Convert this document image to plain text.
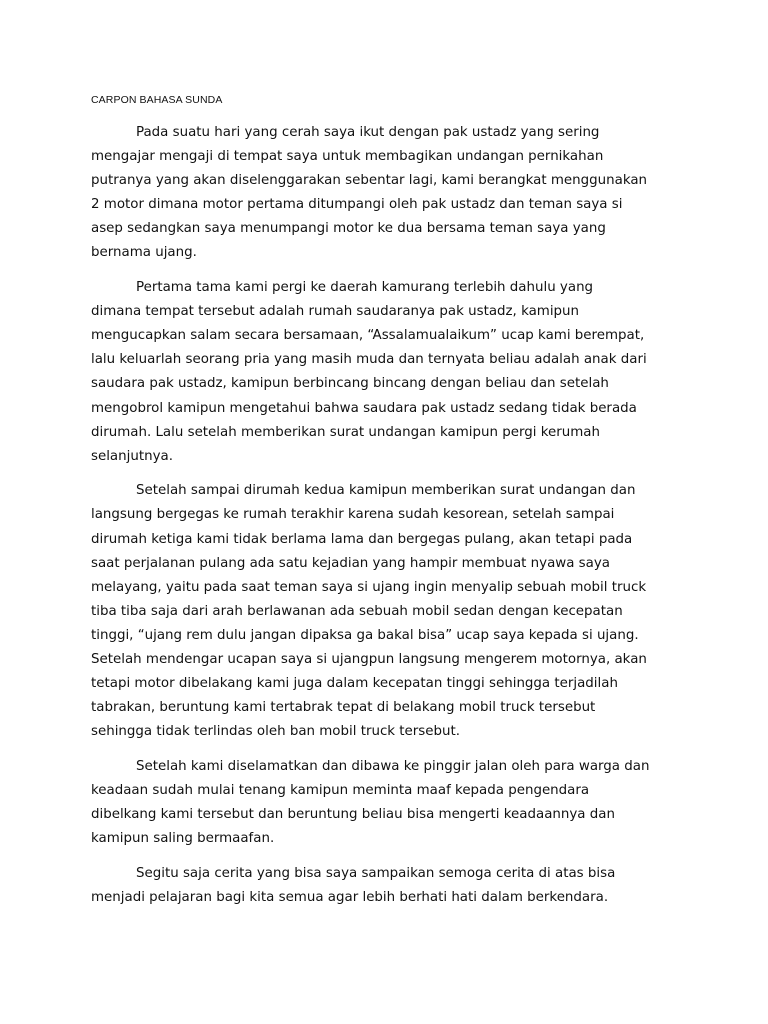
CARPON BAHASA SUNDA

Pada suatu hari yang cerah saya ikut dengan pak ustadz yang sering
mengajar mengaji di tempat saya untuk membagikan undangan pernikahan
putranya yang akan diselenggarakan sebentar lagi, kami berangkat menggunakan
2 motor dimana motor pertama ditumpangi oleh pak ustadz dan teman saya si
asep sedangkan saya menumpangi motor ke dua bersama teman saya yang
bernama ujang.

Pertama tama kami pergi ke daerah kamurang terlebih dahulu yang
dimana tempat tersebut adalah rumah saudaranya pak ustadz, kamipun
mengucapkan salam secara bersamaan, “Assalamualaikum” ucap kami berempat,
lalu keluarlah seorang pria yang masih muda dan ternyata beliau adalah anak dari
saudara pak ustadz, kamipun berbincang bincang dengan beliau dan setelah
mengobrol kamipun mengetahui bahwa saudara pak ustadz sedang tidak berada
dirumah. Lalu setelah memberikan surat undangan kamipun pergi kerumah
selanjutnya.

Setelah sampai dirumah kedua kamipun memberikan surat undangan dan
langsung bergegas ke rumah terakhir karena sudah kesorean, setelah sampai
dirumah ketiga kami tidak berlama lama dan bergegas pulang, akan tetapi pada
saat perjalanan pulang ada satu kejadian yang hampir membuat nyawa saya
melayang, yaitu pada saat teman saya si ujang ingin menyalip sebuah mobil truck
tiba tiba saja dari arah berlawanan ada sebuah mobil sedan dengan kecepatan
tinggi, “ujang rem dulu jangan dipaksa ga bakal bisa” ucap saya kepada si ujang.
Setelah mendengar ucapan saya si ujangpun langsung mengerem motornya, akan
tetapi motor dibelakang kami juga dalam kecepatan tinggi sehingga terjadilah
tabrakan, beruntung kami tertabrak tepat di belakang mobil truck tersebut
sehingga tidak terlindas oleh ban mobil truck tersebut.

Setelah kami diselamatkan dan dibawa ke pinggir jalan oleh para warga dan
keadaan sudah mulai tenang kamipun meminta maaf kepada pengendara
dibelkang kami tersebut dan beruntung beliau bisa mengerti keadaannya dan
kamipun saling bermaafan.

Segitu saja cerita yang bisa saya sampaikan semoga cerita di atas bisa
menjadi pelajaran bagi kita semua agar lebih berhati hati dalam berkendara.
